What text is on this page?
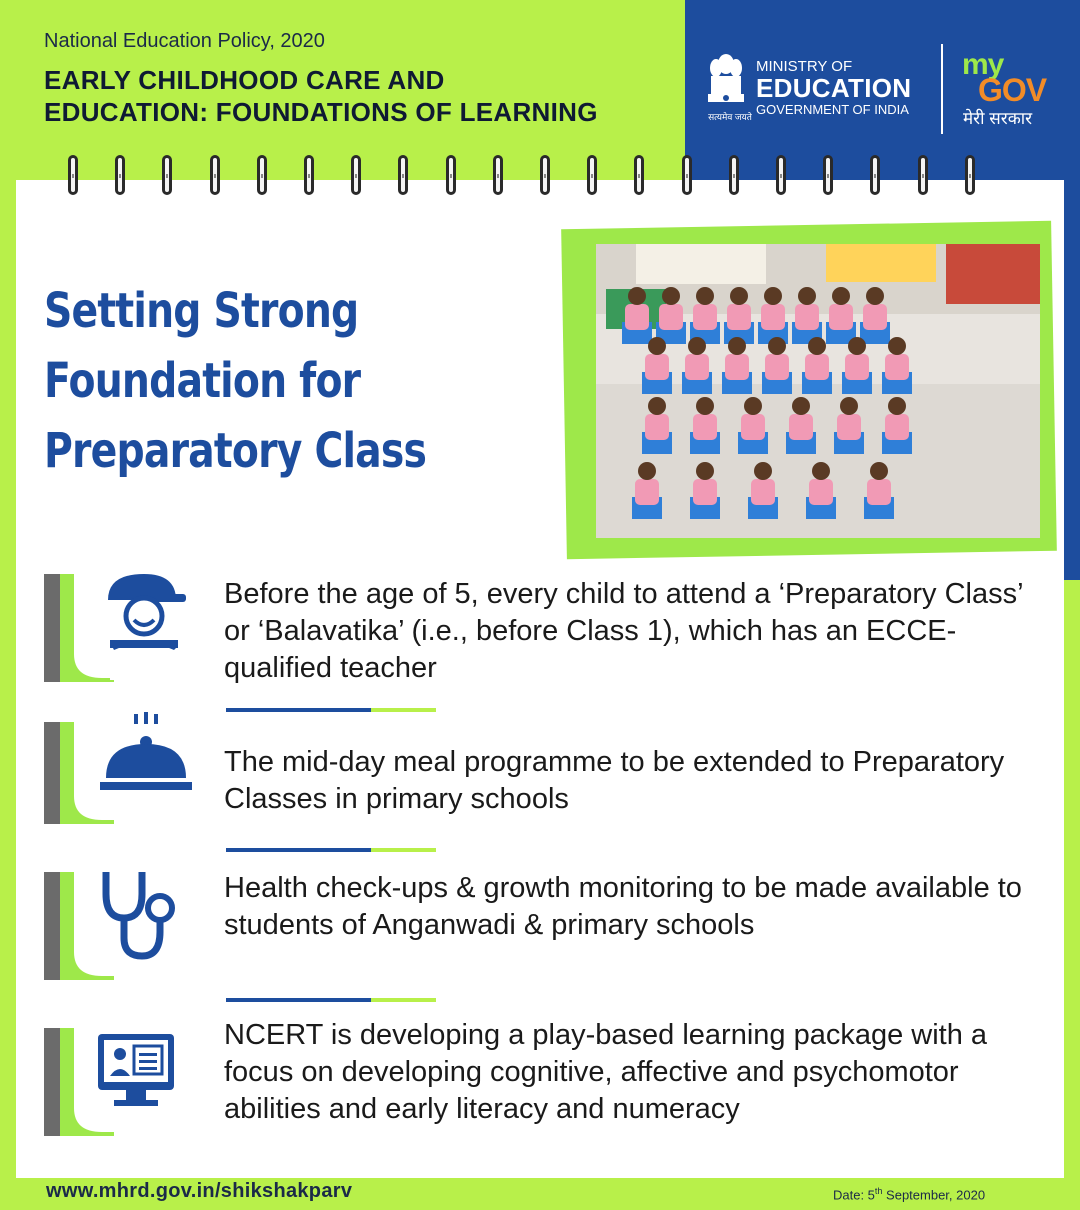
National Education Policy, 2020
EARLY CHILDHOOD CARE AND
EDUCATION: FOUNDATIONS OF LEARNING	सत्यमेव जयते
MINISTRY OF
EDUCATION
GOVERNMENT OF INDIA
my
GOV
मेरी सरकार
Setting Strong
Foundation for
Preparatory Class
Before the age of 5, every child to attend a ‘Preparatory Class’ or ‘Balavatika’ (i.e., before Class 1), which has an ECCE-qualified teacher
The mid-day meal programme to be extended to Preparatory Classes in primary schools
Health check-ups & growth monitoring to be made available to students of Anganwadi & primary schools
NCERT is developing a play-based learning package with a focus on developing cognitive, affective and psychomotor abilities and early literacy and numeracy
www.mhrd.gov.in/shikshakparv	Date: 5th September, 2020
